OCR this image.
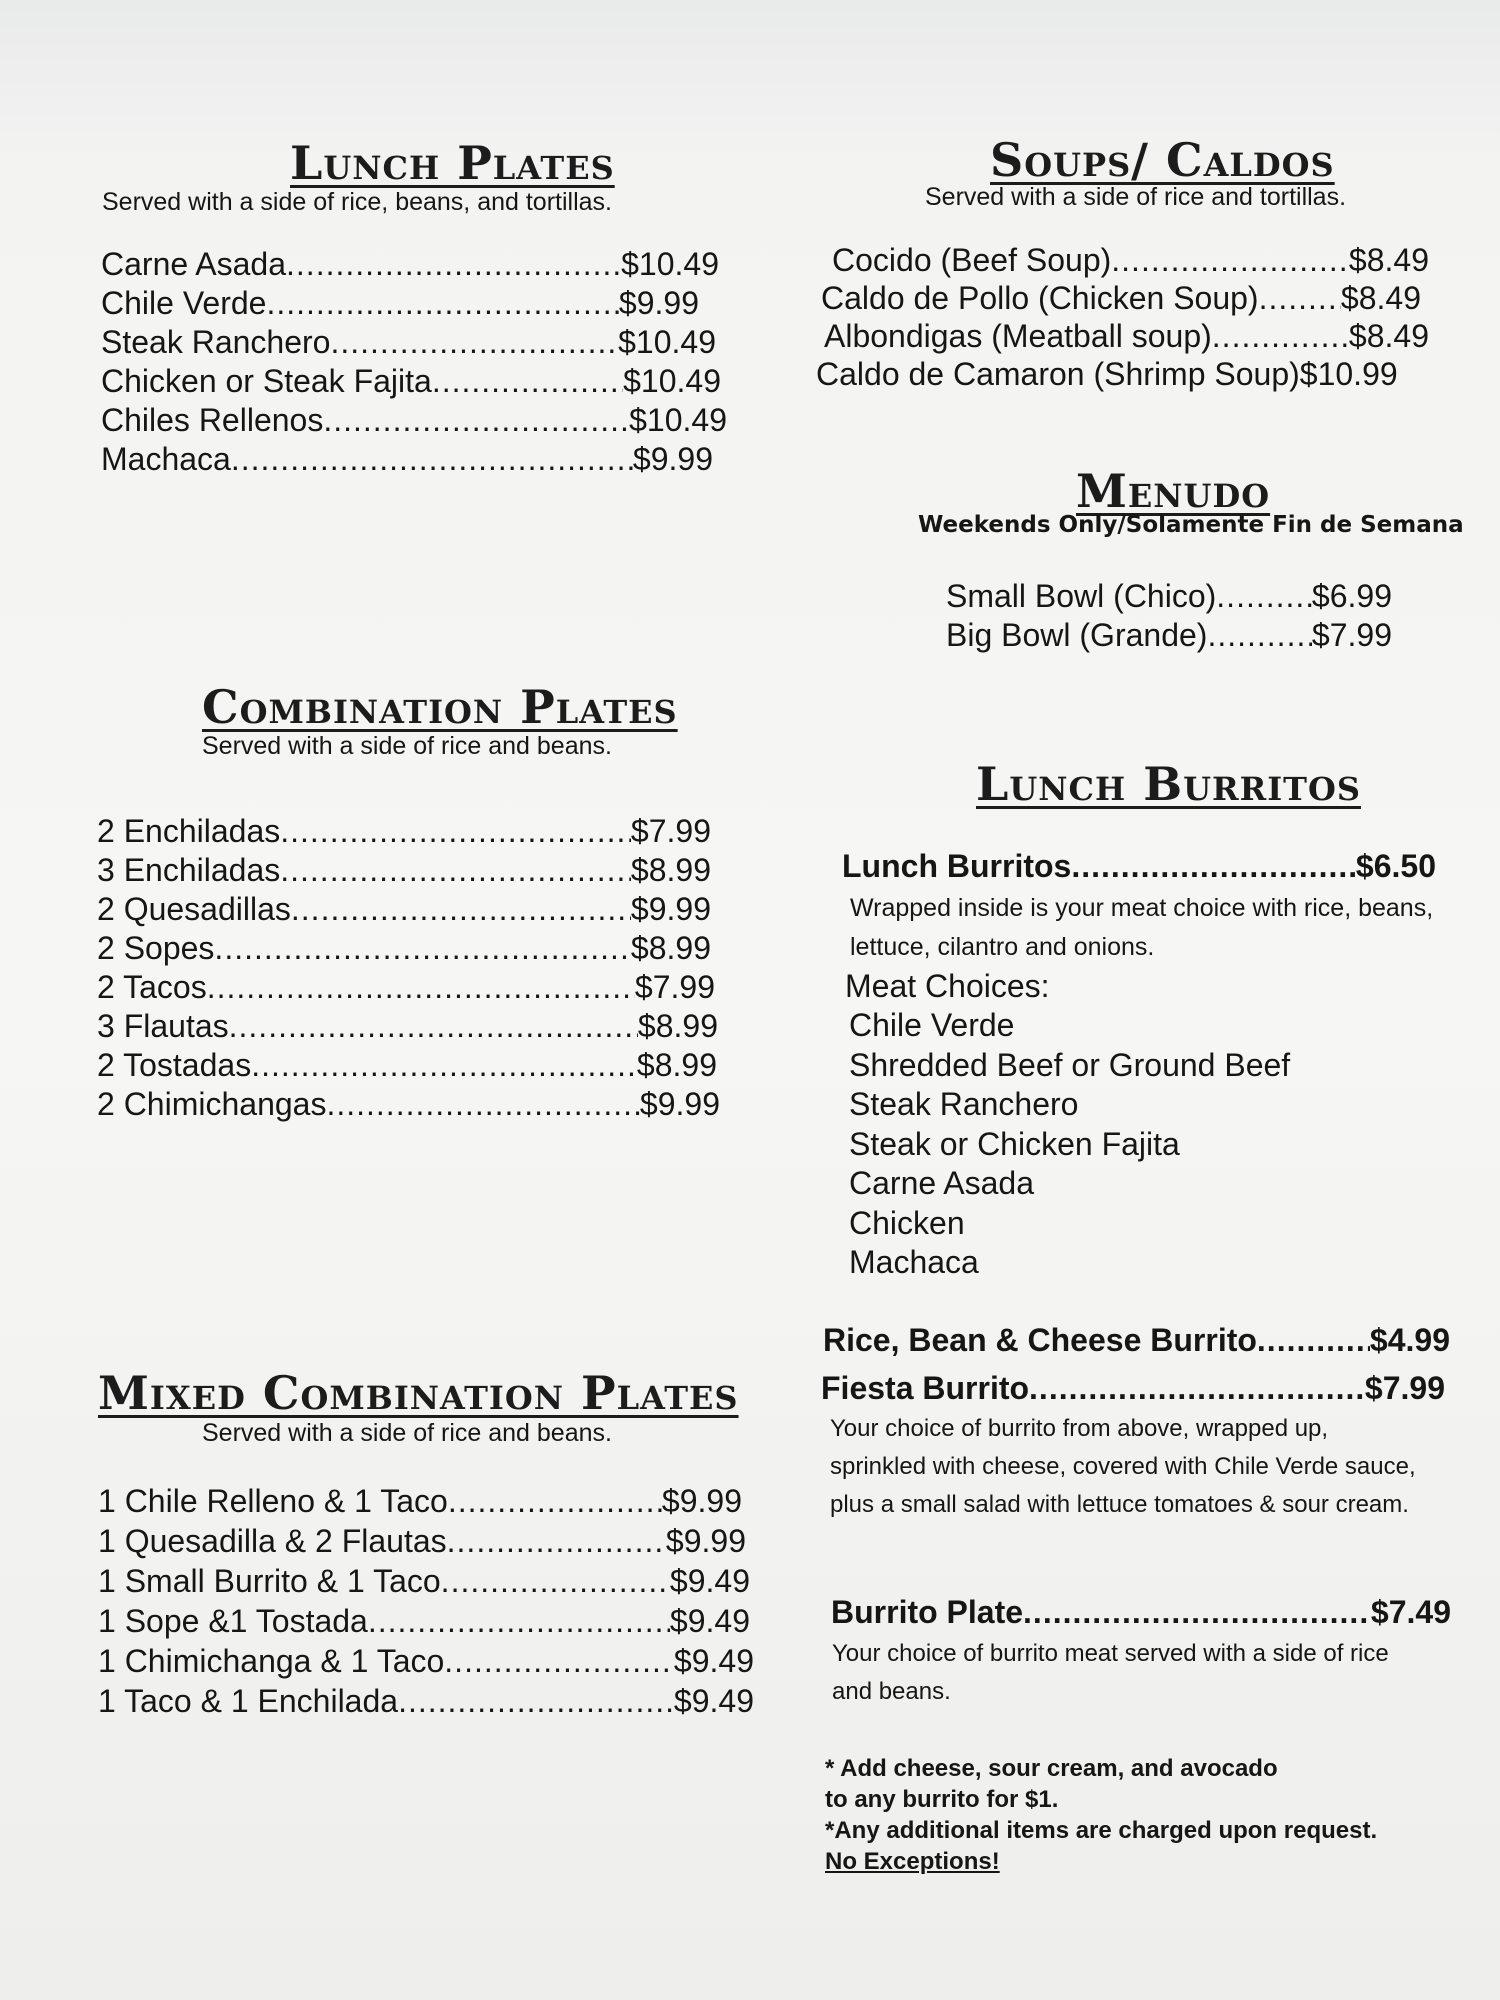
Lunch Plates
Served with a side of rice, beans, and tortillas.
Carne Asada .....	$10.49
Chile Verde .....	$9.99
Steak Ranchero .....	$10.49
Chicken or Steak Fajita .....	$10.49
Chiles Rellenos .....	$10.49
Machaca .....	$9.99
Combination Plates
Served with a side of rice and beans.
2 Enchiladas .....	$7.99
3 Enchiladas .....	$8.99
2 Quesadillas .....	$9.99
2 Sopes .....	$8.99
2 Tacos .....	$7.99
3 Flautas .....	$8.99
2 Tostadas .....	$8.99
2 Chimichangas .....	$9.99
Mixed Combination Plates
Served with a side of rice and beans.
1 Chile Relleno & 1 Taco .....	$9.99
1 Quesadilla & 2 Flautas .....	$9.99
1 Small Burrito & 1 Taco .....	$9.49
1 Sope &1 Tostada .....	$9.49
1 Chimichanga & 1 Taco .....	$9.49
1 Taco & 1 Enchilada .....	$9.49
Soups/ Caldos
Served with a side of rice and tortillas.
Cocido (Beef Soup) .....	$8.49
Caldo de Pollo (Chicken Soup) .....	$8.49
Albondigas (Meatball soup) .....	$8.49
Caldo de Camaron (Shrimp Soup) $10.99
Menudo
Weekends Only/Solamente Fin de Semana
Small Bowl (Chico) .....	$6.99
Big Bowl (Grande) .....	$7.99
Lunch Burritos
Lunch Burritos .....	$6.50
Wrapped inside is your meat choice with rice, beans, lettuce, cilantro and onions.
Meat Choices:
Chile Verde
Shredded Beef or Ground Beef
Steak Ranchero
Steak or Chicken Fajita
Carne Asada
Chicken
Machaca
Rice, Bean & Cheese Burrito .....	$4.99
Fiesta Burrito .....	$7.99
Your choice of burrito from above, wrapped up, sprinkled with cheese, covered with Chile Verde sauce, plus a small salad with lettuce tomatoes & sour cream.
Burrito Plate .....	$7.49
Your choice of burrito meat served with a side of rice and beans.
* Add cheese, sour cream, and avocado
to any burrito for $1.
*Any additional items are charged upon request.
No Exceptions!
